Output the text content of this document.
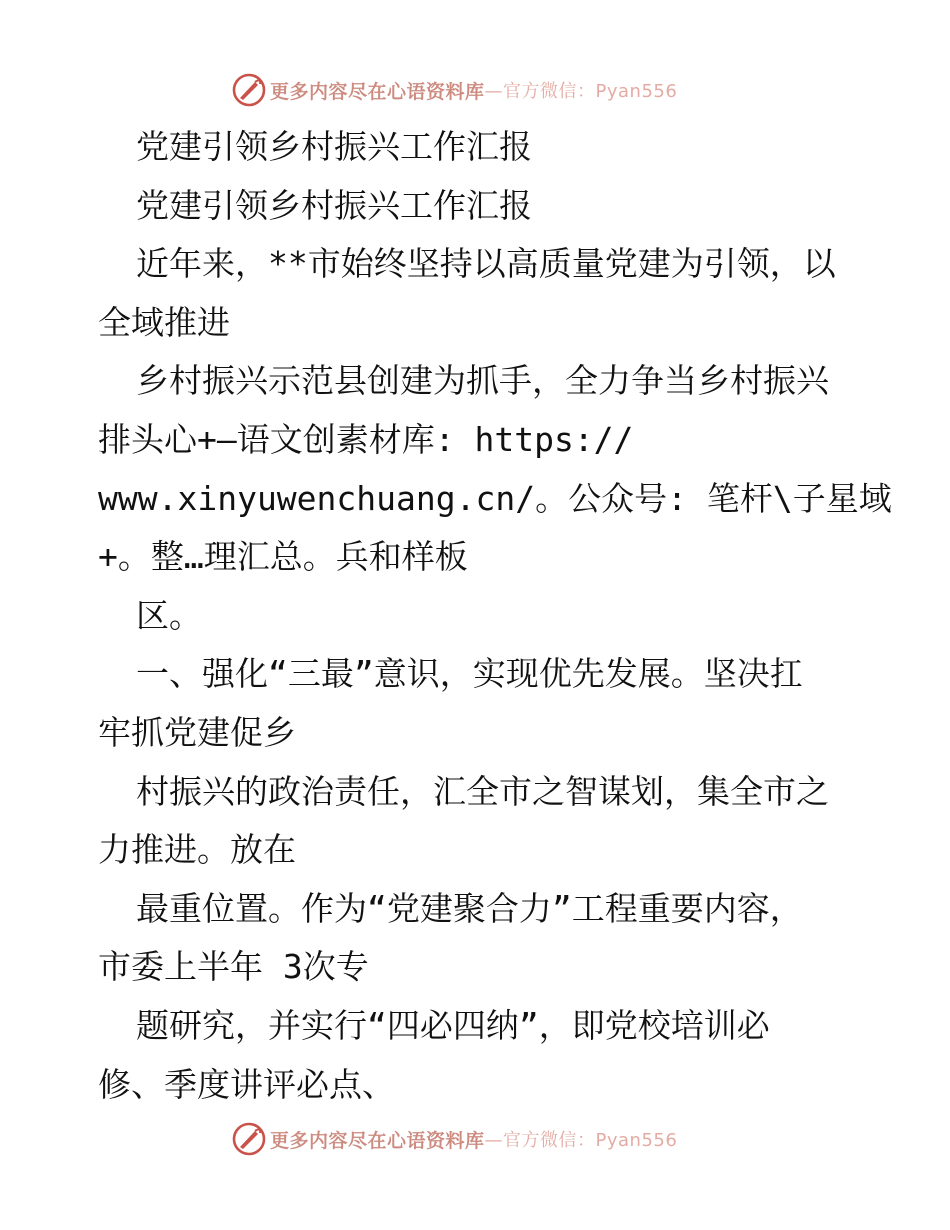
更多内容尽在心语资料库 —官方微信：Pyan556
党建引领乡村振兴工作汇报
党建引领乡村振兴工作汇报
近年来，**市始终坚持以高质量党建为引领，以
全域推进
乡村振兴示范县创建为抓手，全力争当乡村振兴
排头心+—语文创素材库: https://
www.xinyuwenchuang.cn/。公众号: 笔杆\子星域
+。整…理汇总。兵和样板
区。
一、强化“三最”意识，实现优先发展。坚决扛
牢抓党建促乡
村振兴的政治责任，汇全市之智谋划，集全市之
力推进。放在
最重位置。作为“党建聚合力”工程重要内容，
市委上半年 3次专
题研究，并实行“四必四纳”，即党校培训必
修、季度讲评必点、
更多内容尽在心语资料库 —官方微信：Pyan556
